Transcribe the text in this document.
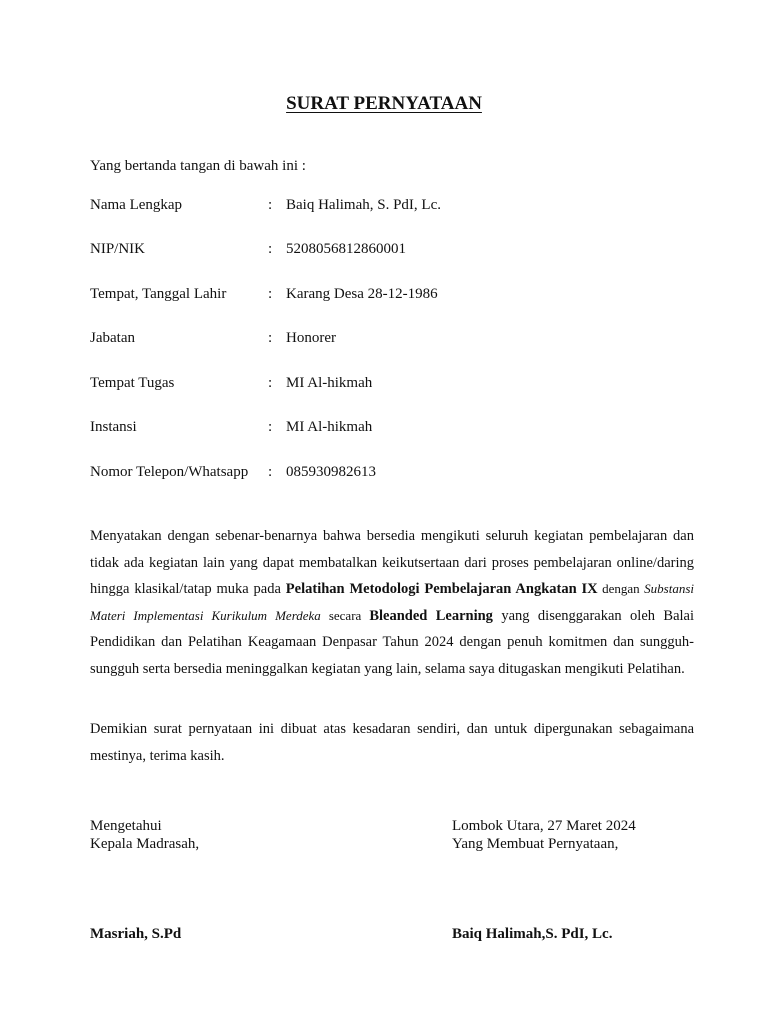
SURAT PERNYATAAN
Yang bertanda tangan di bawah ini :
Nama Lengkap	: Baiq Halimah, S. PdI, Lc.
NIP/NIK	: 5208056812860001
Tempat, Tanggal Lahir	: Karang Desa 28-12-1986
Jabatan	: Honorer
Tempat Tugas	: MI Al-hikmah
Instansi	: MI Al-hikmah
Nomor Telepon/Whatsapp : 085930982613
Menyatakan dengan sebenar-benarnya bahwa bersedia mengikuti seluruh kegiatan pembelajaran dan tidak ada kegiatan lain yang dapat membatalkan keikutsertaan dari proses pembelajaran online/daring hingga klasikal/tatap muka pada Pelatihan Metodologi Pembelajaran Angkatan IX dengan Substansi Materi Implementasi Kurikulum Merdeka secara Bleanded Learning yang disenggarakan oleh Balai Pendidikan dan Pelatihan Keagamaan Denpasar Tahun 2024 dengan penuh komitmen dan sungguh-sungguh serta bersedia meninggalkan kegiatan yang lain, selama saya ditugaskan mengikuti Pelatihan.
Demikian surat pernyataan ini dibuat atas kesadaran sendiri, dan untuk dipergunakan sebagaimana mestinya, terima kasih.
Mengetahui
Kepala Madrasah,
Lombok Utara, 27 Maret 2024
Yang Membuat Pernyataan,
Masriah, S.Pd	Baiq Halimah,S. PdI, Lc.
